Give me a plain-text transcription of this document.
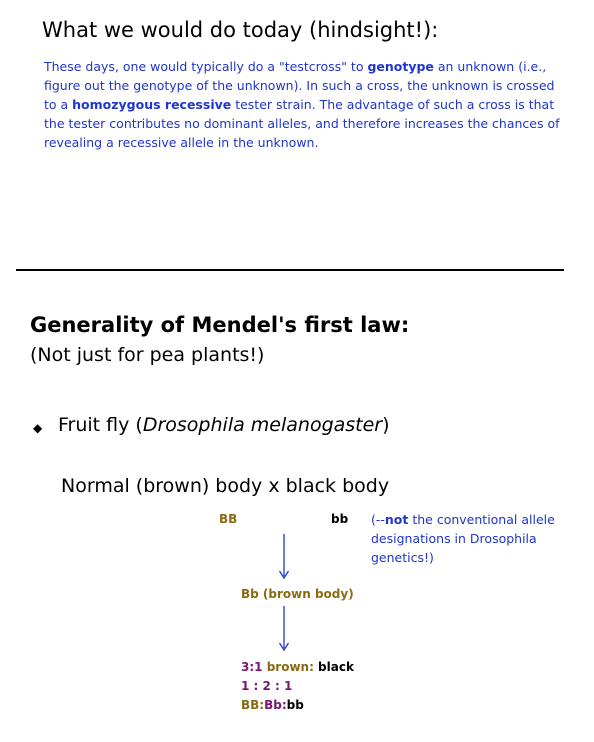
What we would do today (hindsight!):
These days, one would typically do a "testcross" to genotype an unknown (i.e., figure out the genotype of the unknown). In such a cross, the unknown is crossed to a homozygous recessive tester strain. The advantage of such a cross is that the tester contributes no dominant alleles, and therefore increases the chances of revealing a recessive allele in the unknown.
Generality of Mendel's first law:
(Not just for pea plants!)
◆ Fruit fly (Drosophila melanogaster)
Normal (brown) body x black body
BB	bb (--not the conventional allele designations in Drosophila genetics!)
Bb (brown body)
3:1 brown: black
1 : 2 : 1
BB:Bb:bb
